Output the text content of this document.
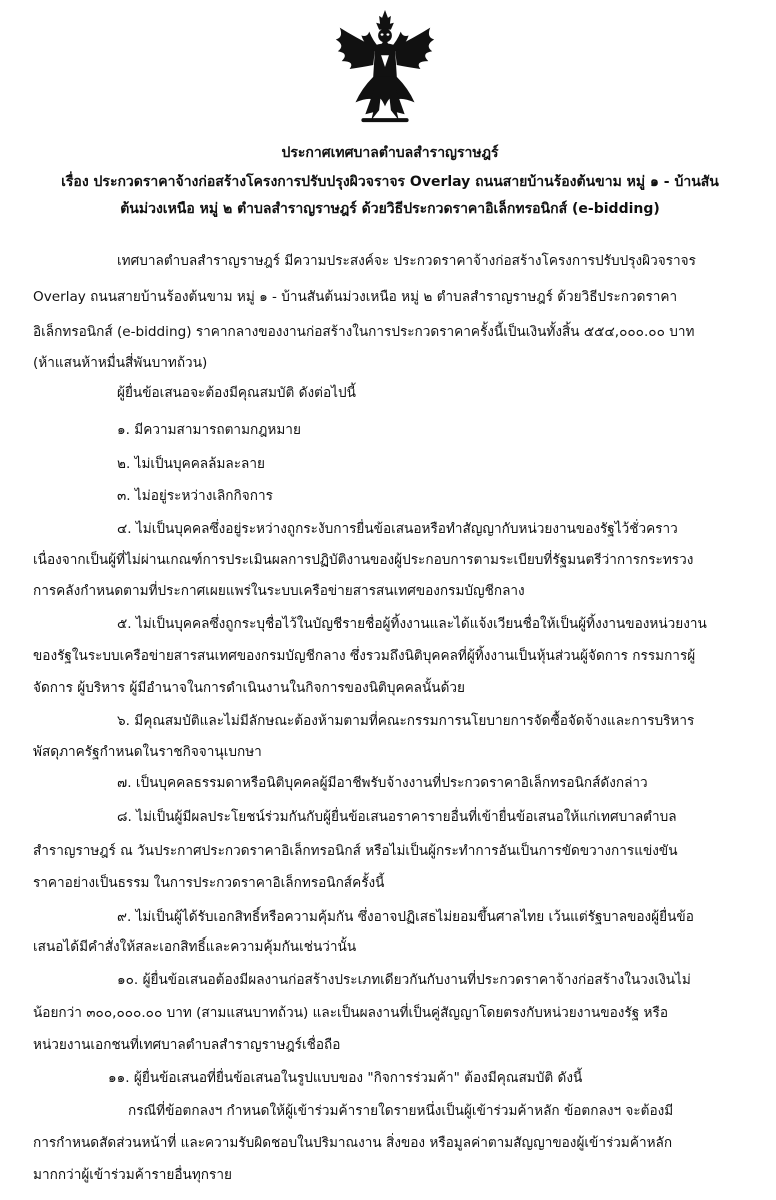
ประกาศเทศบาลตำบลสำราญราษฎร์
เรื่อง ประกวดราคาจ้างก่อสร้างโครงการปรับปรุงผิวจราจร Overlay ถนนสายบ้านร้องต้นขาม หมู่ ๑ - บ้านสัน
ต้นม่วงเหนือ หมู่ ๒ ตำบลสำราญราษฎร์ ด้วยวิธีประกวดราคาอิเล็กทรอนิกส์ (e-bidding)
เทศบาลตำบลสำราญราษฎร์ มีความประสงค์จะ ประกวดราคาจ้างก่อสร้างโครงการปรับปรุงผิวจราจร
Overlay ถนนสายบ้านร้องต้นขาม หมู่ ๑ - บ้านสันต้นม่วงเหนือ หมู่ ๒ ตำบลสำราญราษฎร์ ด้วยวิธีประกวดราคา
อิเล็กทรอนิกส์ (e-bidding) ราคากลางของงานก่อสร้างในการประกวดราคาครั้งนี้เป็นเงินทั้งสิ้น ๕๕๔,๐๐๐.๐๐ บาท
(ห้าแสนห้าหมื่นสี่พันบาทถ้วน)
ผู้ยื่นข้อเสนอจะต้องมีคุณสมบัติ ดังต่อไปนี้
๑. มีความสามารถตามกฎหมาย
๒. ไม่เป็นบุคคลล้มละลาย
๓. ไม่อยู่ระหว่างเลิกกิจการ
๔. ไม่เป็นบุคคลซึ่งอยู่ระหว่างถูกระงับการยื่นข้อเสนอหรือทำสัญญากับหน่วยงานของรัฐไว้ชั่วคราว
เนื่องจากเป็นผู้ที่ไม่ผ่านเกณฑ์การประเมินผลการปฏิบัติงานของผู้ประกอบการตามระเบียบที่รัฐมนตรีว่าการกระทรวง
การคลังกำหนดตามที่ประกาศเผยแพร่ในระบบเครือข่ายสารสนเทศของกรมบัญชีกลาง
๕. ไม่เป็นบุคคลซึ่งถูกระบุชื่อไว้ในบัญชีรายชื่อผู้ทิ้งงานและได้แจ้งเวียนชื่อให้เป็นผู้ทิ้งงานของหน่วยงาน
ของรัฐในระบบเครือข่ายสารสนเทศของกรมบัญชีกลาง ซึ่งรวมถึงนิติบุคคลที่ผู้ทิ้งงานเป็นหุ้นส่วนผู้จัดการ กรรมการผู้
จัดการ ผู้บริหาร ผู้มีอำนาจในการดำเนินงานในกิจการของนิติบุคคลนั้นด้วย
๖. มีคุณสมบัติและไม่มีลักษณะต้องห้ามตามที่คณะกรรมการนโยบายการจัดซื้อจัดจ้างและการบริหาร
พัสดุภาครัฐกำหนดในราชกิจจานุเบกษา
๗. เป็นบุคคลธรรมดาหรือนิติบุคคลผู้มีอาชีพรับจ้างงานที่ประกวดราคาอิเล็กทรอนิกส์ดังกล่าว
๘. ไม่เป็นผู้มีผลประโยชน์ร่วมกันกับผู้ยื่นข้อเสนอราคารายอื่นที่เข้ายื่นข้อเสนอให้แก่เทศบาลตำบล
สำราญราษฎร์ ณ วันประกาศประกวดราคาอิเล็กทรอนิกส์ หรือไม่เป็นผู้กระทำการอันเป็นการขัดขวางการแข่งขัน
ราคาอย่างเป็นธรรม ในการประกวดราคาอิเล็กทรอนิกส์ครั้งนี้
๙. ไม่เป็นผู้ได้รับเอกสิทธิ์หรือความคุ้มกัน ซึ่งอาจปฏิเสธไม่ยอมขึ้นศาลไทย เว้นแต่รัฐบาลของผู้ยื่นข้อ
เสนอได้มีคำสั่งให้สละเอกสิทธิ์และความคุ้มกันเช่นว่านั้น
๑๐. ผู้ยื่นข้อเสนอต้องมีผลงานก่อสร้างประเภทเดียวกันกับงานที่ประกวดราคาจ้างก่อสร้างในวงเงินไม่
น้อยกว่า ๓๐๐,๐๐๐.๐๐ บาท (สามแสนบาทถ้วน) และเป็นผลงานที่เป็นคู่สัญญาโดยตรงกับหน่วยงานของรัฐ หรือ
หน่วยงานเอกชนที่เทศบาลตำบลสำราญราษฎร์เชื่อถือ
๑๑. ผู้ยื่นข้อเสนอที่ยื่นข้อเสนอในรูปแบบของ "กิจการร่วมค้า" ต้องมีคุณสมบัติ ดังนี้
กรณีที่ข้อตกลงฯ กำหนดให้ผู้เข้าร่วมค้ารายใดรายหนึ่งเป็นผู้เข้าร่วมค้าหลัก ข้อตกลงฯ จะต้องมี
การกำหนดสัดส่วนหน้าที่ และความรับผิดชอบในปริมาณงาน สิ่งของ หรือมูลค่าตามสัญญาของผู้เข้าร่วมค้าหลัก
มากกว่าผู้เข้าร่วมค้ารายอื่นทุกราย
